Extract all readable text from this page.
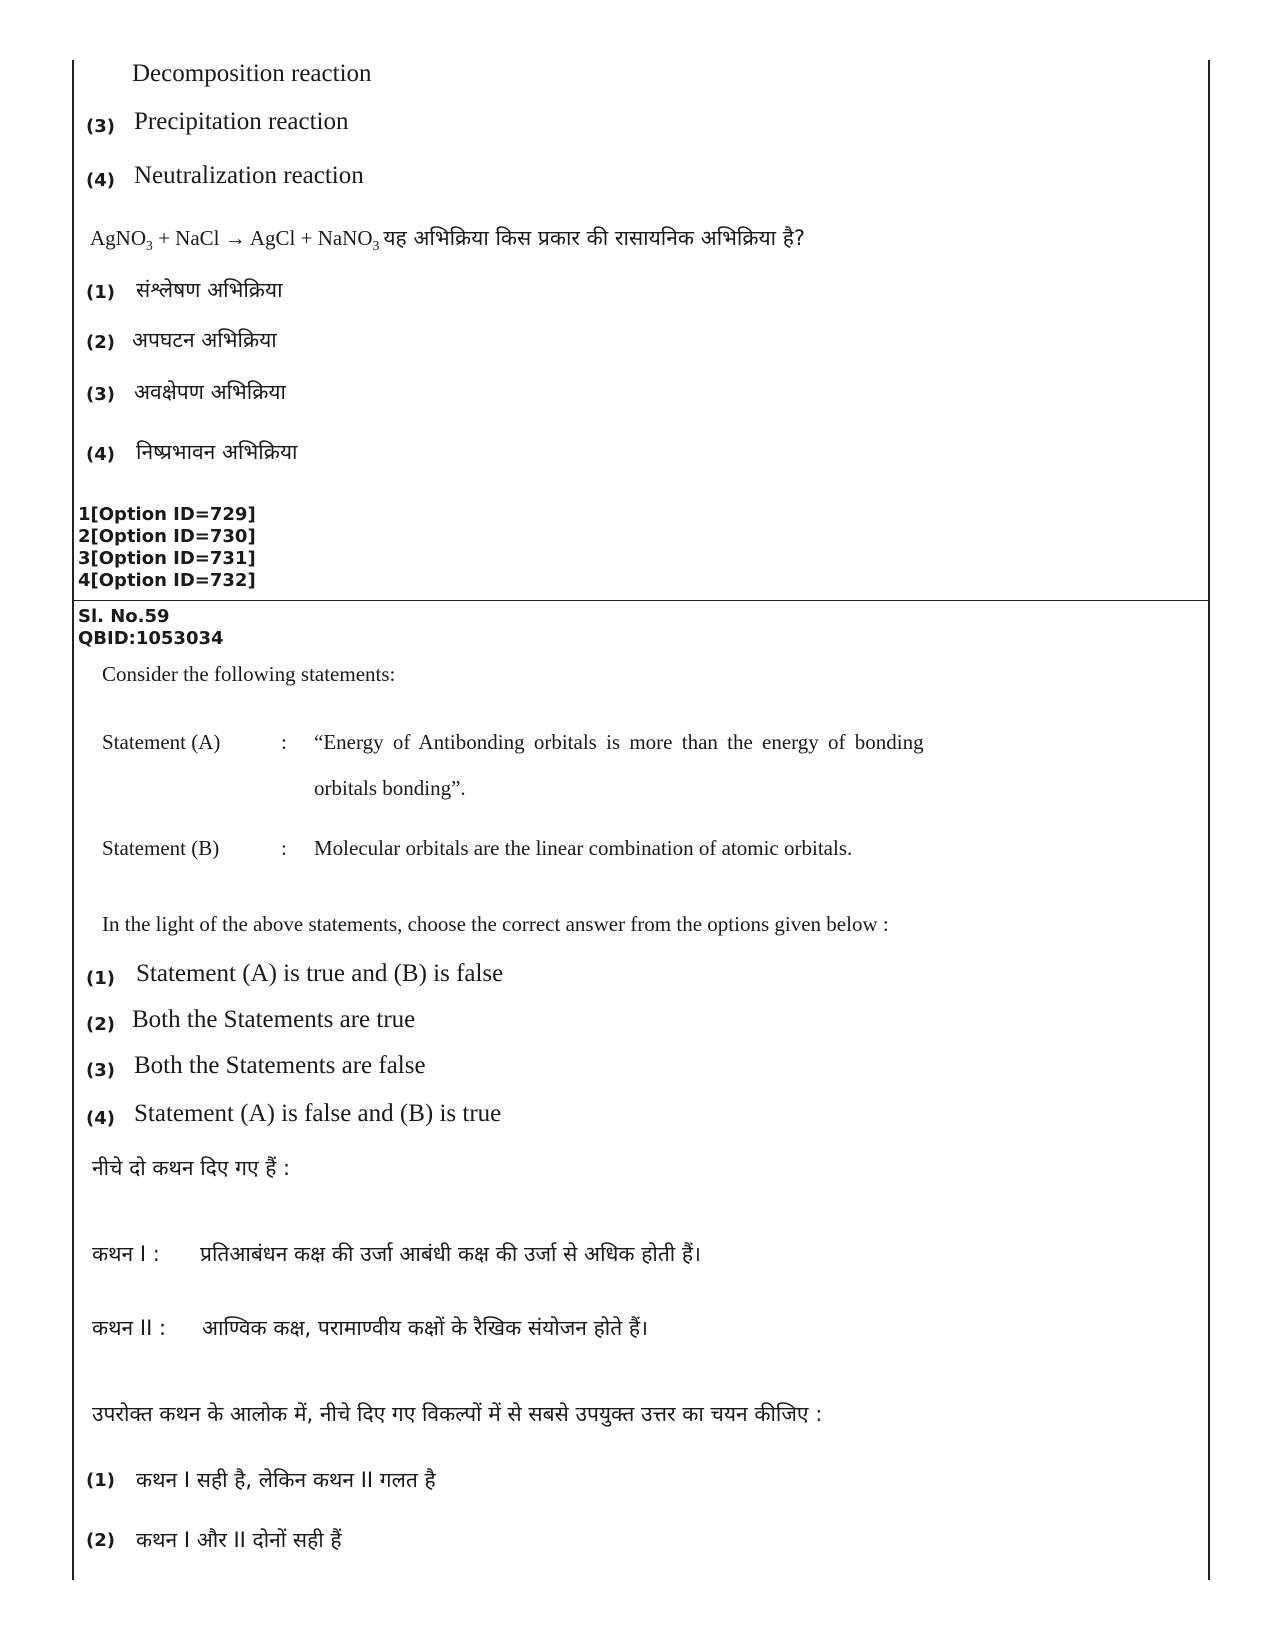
Decomposition reaction
(3) Precipitation reaction
(4) Neutralization reaction
AgNO$_3$ + NaCl → AgCl + NaNO$_3$ यह अभिक्रिया किस प्रकार की रासायनिक अभिक्रिया है?
(1) संश्लेषण अभिक्रिया
(2) अपघटन अभिक्रिया
(3) अवक्षेपण अभिक्रिया
(4) निष्प्रभावन अभिक्रिया
1[Option ID=729]
2[Option ID=730]
3[Option ID=731]
4[Option ID=732]
Sl. No.59
QBID:1053034
Consider the following statements:
Statement (A)	: “Energy of Antibonding orbitals is more than the energy of bonding
orbitals bonding”.
Statement (B)	: Molecular orbitals are the linear combination of atomic orbitals.
In the light of the above statements, choose the correct answer from the options given below :
(1) Statement (A) is true and (B) is false
(2) Both the Statements are true
(3) Both the Statements are false
(4) Statement (A) is false and (B) is true
नीचे दो कथन दिए गए हैं :
कथन I : प्रतिआबंधन कक्ष की उर्जा आबंधी कक्ष की उर्जा से अधिक होती हैं।
कथन II : आण्विक कक्ष, परामाण्वीय कक्षों के रैखिक संयोजन होते हैं।
उपरोक्त कथन के आलोक में, नीचे दिए गए विकल्पों में से सबसे उपयुक्त उत्तर का चयन कीजिए :
(1) कथन I सही है, लेकिन कथन II गलत है
(2) कथन I और II दोनों सही हैं
